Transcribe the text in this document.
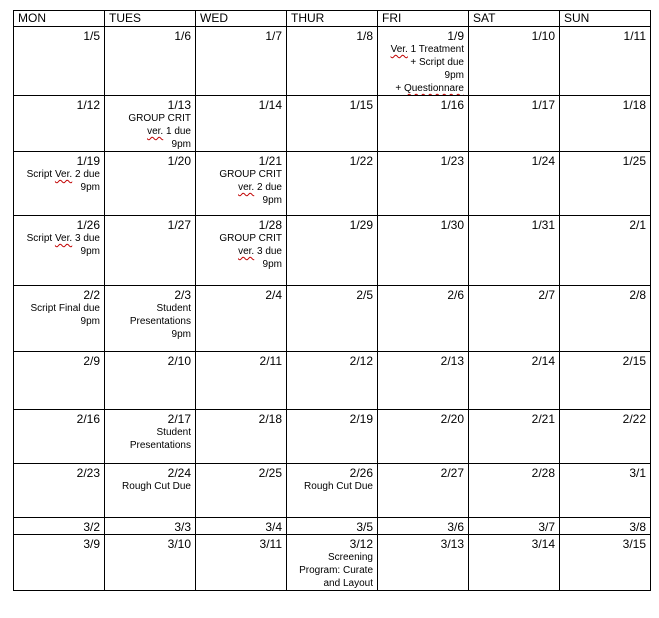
MON	TUES	WED	THUR	FRI	SAT	SUN

1/5	1/6	1/7	1/8	1/9
Ver. 1 Treatment
+ Script due
9pm
+ Questionnare	1/10	1/11

1/12	1/13
GROUP CRIT
ver. 1 due
9pm	1/14	1/15	1/16	1/17	1/18

1/19
Script Ver. 2 due
9pm	1/20	1/21
GROUP CRIT
ver. 2 due
9pm	1/22	1/23	1/24	1/25

1/26
Script Ver. 3 due
9pm	1/27	1/28
GROUP CRIT
ver. 3 due
9pm	1/29	1/30	1/31	2/1

2/2
Script Final due
9pm	2/3
Student
Presentations
9pm	2/4	2/5	2/6	2/7	2/8

2/9	2/10	2/11	2/12	2/13	2/14	2/15

2/16	2/17
Student
Presentations	2/18	2/19	2/20	2/21	2/22

2/23	2/24
Rough Cut Due	2/25	2/26
Rough Cut Due	2/27	2/28	3/1

3/2	3/3	3/4	3/5	3/6	3/7	3/8

3/9	3/10	3/11	3/12
Screening
Program: Curate
and Layout	3/13	3/14	3/15
